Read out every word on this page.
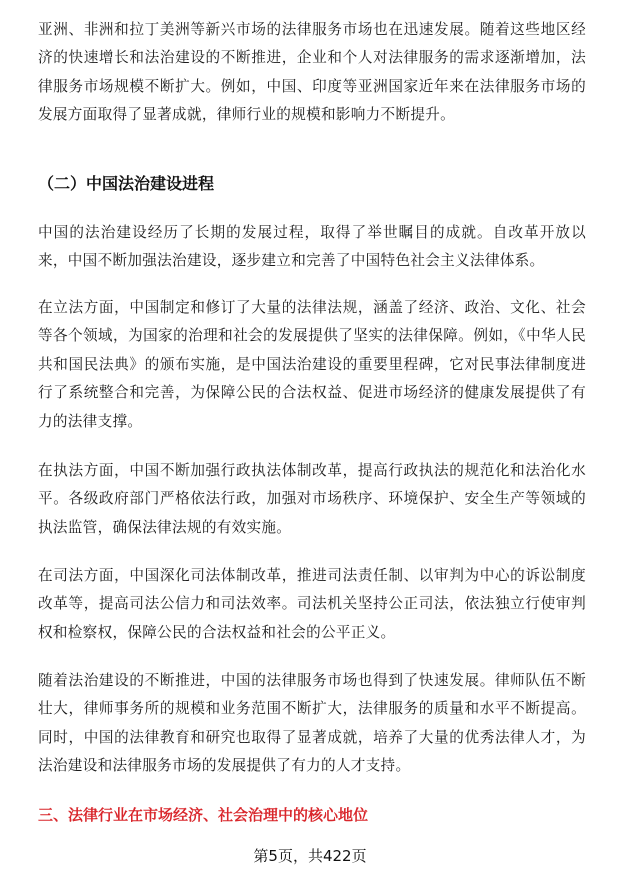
亚洲、非洲和拉丁美洲等新兴市场的法律服务市场也在迅速发展。随着这些地区经济的快速增长和法治建设的不断推进，企业和个人对法律服务的需求逐渐增加，法律服务市场规模不断扩大。例如，中国、印度等亚洲国家近年来在法律服务市场的发展方面取得了显著成就，律师行业的规模和影响力不断提升。

（二）中国法治建设进程

中国的法治建设经历了长期的发展过程，取得了举世瞩目的成就。自改革开放以来，中国不断加强法治建设，逐步建立和完善了中国特色社会主义法律体系。

在立法方面，中国制定和修订了大量的法律法规，涵盖了经济、政治、文化、社会等各个领域，为国家的治理和社会的发展提供了坚实的法律保障。例如，《中华人民共和国民法典》的颁布实施，是中国法治建设的重要里程碑，它对民事法律制度进行了系统整合和完善，为保障公民的合法权益、促进市场经济的健康发展提供了有力的法律支撑。

在执法方面，中国不断加强行政执法体制改革，提高行政执法的规范化和法治化水平。各级政府部门严格依法行政，加强对市场秩序、环境保护、安全生产等领域的执法监管，确保法律法规的有效实施。

在司法方面，中国深化司法体制改革，推进司法责任制、以审判为中心的诉讼制度改革等，提高司法公信力和司法效率。司法机关坚持公正司法，依法独立行使审判权和检察权，保障公民的合法权益和社会的公平正义。

随着法治建设的不断推进，中国的法律服务市场也得到了快速发展。律师队伍不断壮大，律师事务所的规模和业务范围不断扩大，法律服务的质量和水平不断提高。同时，中国的法律教育和研究也取得了显著成就，培养了大量的优秀法律人才，为法治建设和法律服务市场的发展提供了有力的人才支持。

三、法律行业在市场经济、社会治理中的核心地位
第5页，共422页
